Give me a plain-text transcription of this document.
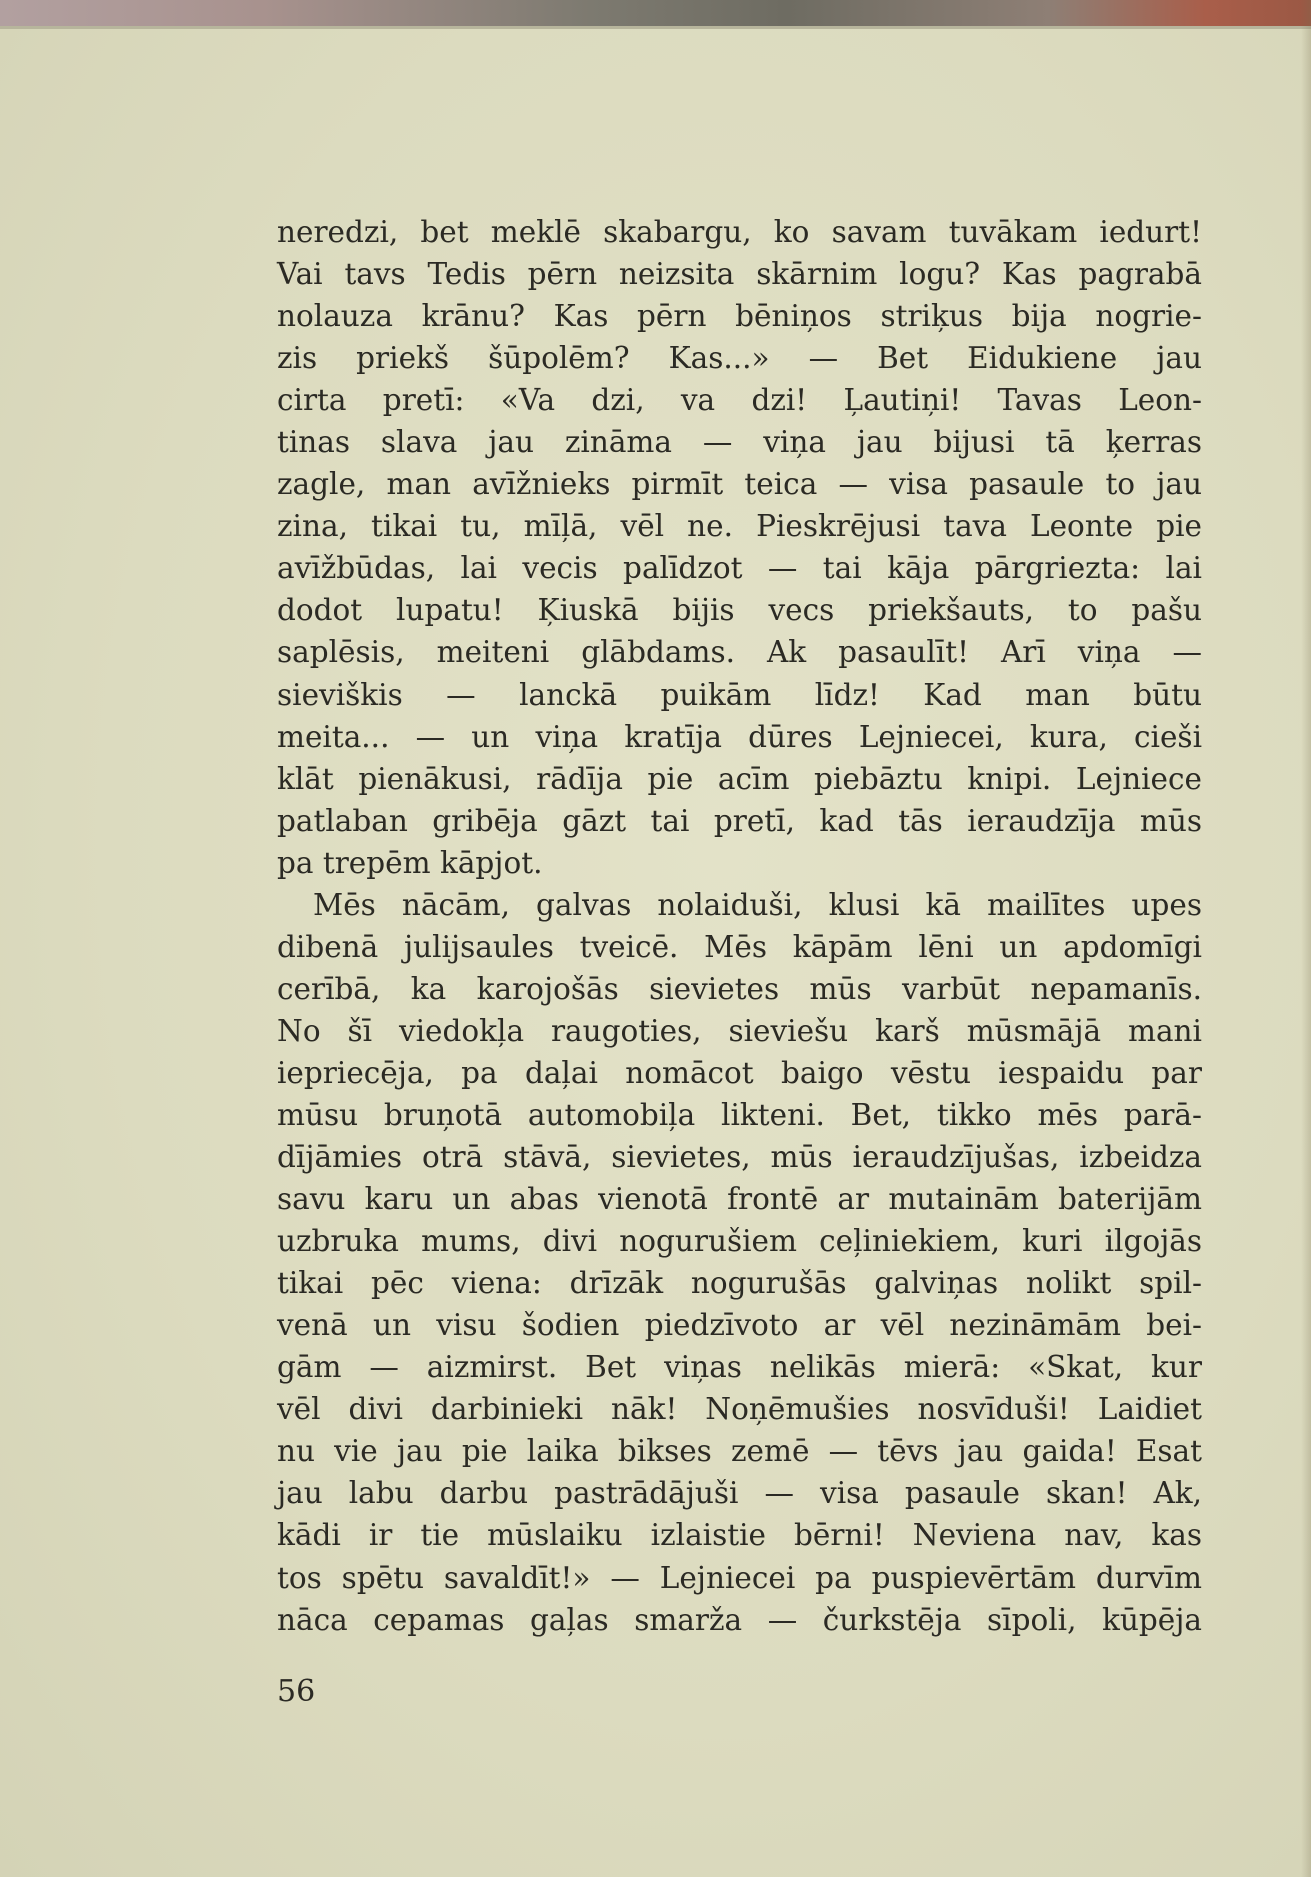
neredzi, bet meklē skabargu, ko savam tuvākam iedurt!
Vai tavs Tedis pērn neizsita skārnim logu? Kas pagrabā
nolauza krānu? Kas pērn bēniņos striķus bija nogrie-
zis priekš šūpolēm? Kas...» — Bet Eidukiene jau
cirta pretī: «Va dzi, va dzi! Ļautiņi! Tavas Leon-
tinas slava jau zināma — viņa jau bijusi tā ķerras
zagle, man avīžnieks pirmīt teica — visa pasaule to jau
zina, tikai tu, mīļā, vēl ne. Pieskrējusi tava Leonte pie
avīžbūdas, lai vecis palīdzot — tai kāja pārgriezta: lai
dodot lupatu! Ķiuskā bijis vecs priekšauts, to pašu
saplēsis, meiteni glābdams. Ak pasaulīt! Arī viņa —
sieviškis — lanckā puikām līdz! Kad man būtu
meita... — un viņa kratīja dūres Lejniecei, kura, cieši
klāt pienākusi, rādīja pie acīm piebāztu knipi. Lejniece
patlaban gribēja gāzt tai pretī, kad tās ieraudzīja mūs
pa trepēm kāpjot.
Mēs nācām, galvas nolaiduši, klusi kā mailītes upes
dibenā julijsaules tveicē. Mēs kāpām lēni un apdomīgi
cerībā, ka karojošās sievietes mūs varbūt nepamanīs.
No šī viedokļa raugoties, sieviešu karš mūsmājā mani
iepriecēja, pa daļai nomācot baigo vēstu iespaidu par
mūsu bruņotā automobiļa likteni. Bet, tikko mēs parā-
dījāmies otrā stāvā, sievietes, mūs ieraudzījušas, izbeidza
savu karu un abas vienotā frontē ar mutainām baterijām
uzbruka mums, divi nogurušiem ceļiniekiem, kuri ilgojās
tikai pēc viena: drīzāk nogurušās galviņas nolikt spil-
venā un visu šodien piedzīvoto ar vēl nezināmām bei-
gām — aizmirst. Bet viņas nelikās mierā: «Skat, kur
vēl divi darbinieki nāk! Noņēmušies nosvīduši! Laidiet
nu vie jau pie laika bikses zemē — tēvs jau gaida! Esat
jau labu darbu pastrādājuši — visa pasaule skan! Ak,
kādi ir tie mūslaiku izlaistie bērni! Neviena nav, kas
tos spētu savaldīt!» — Lejniecei pa puspievērtām durvīm
nāca cepamas gaļas smarža — čurkstēja sīpoli, kūpēja
56
